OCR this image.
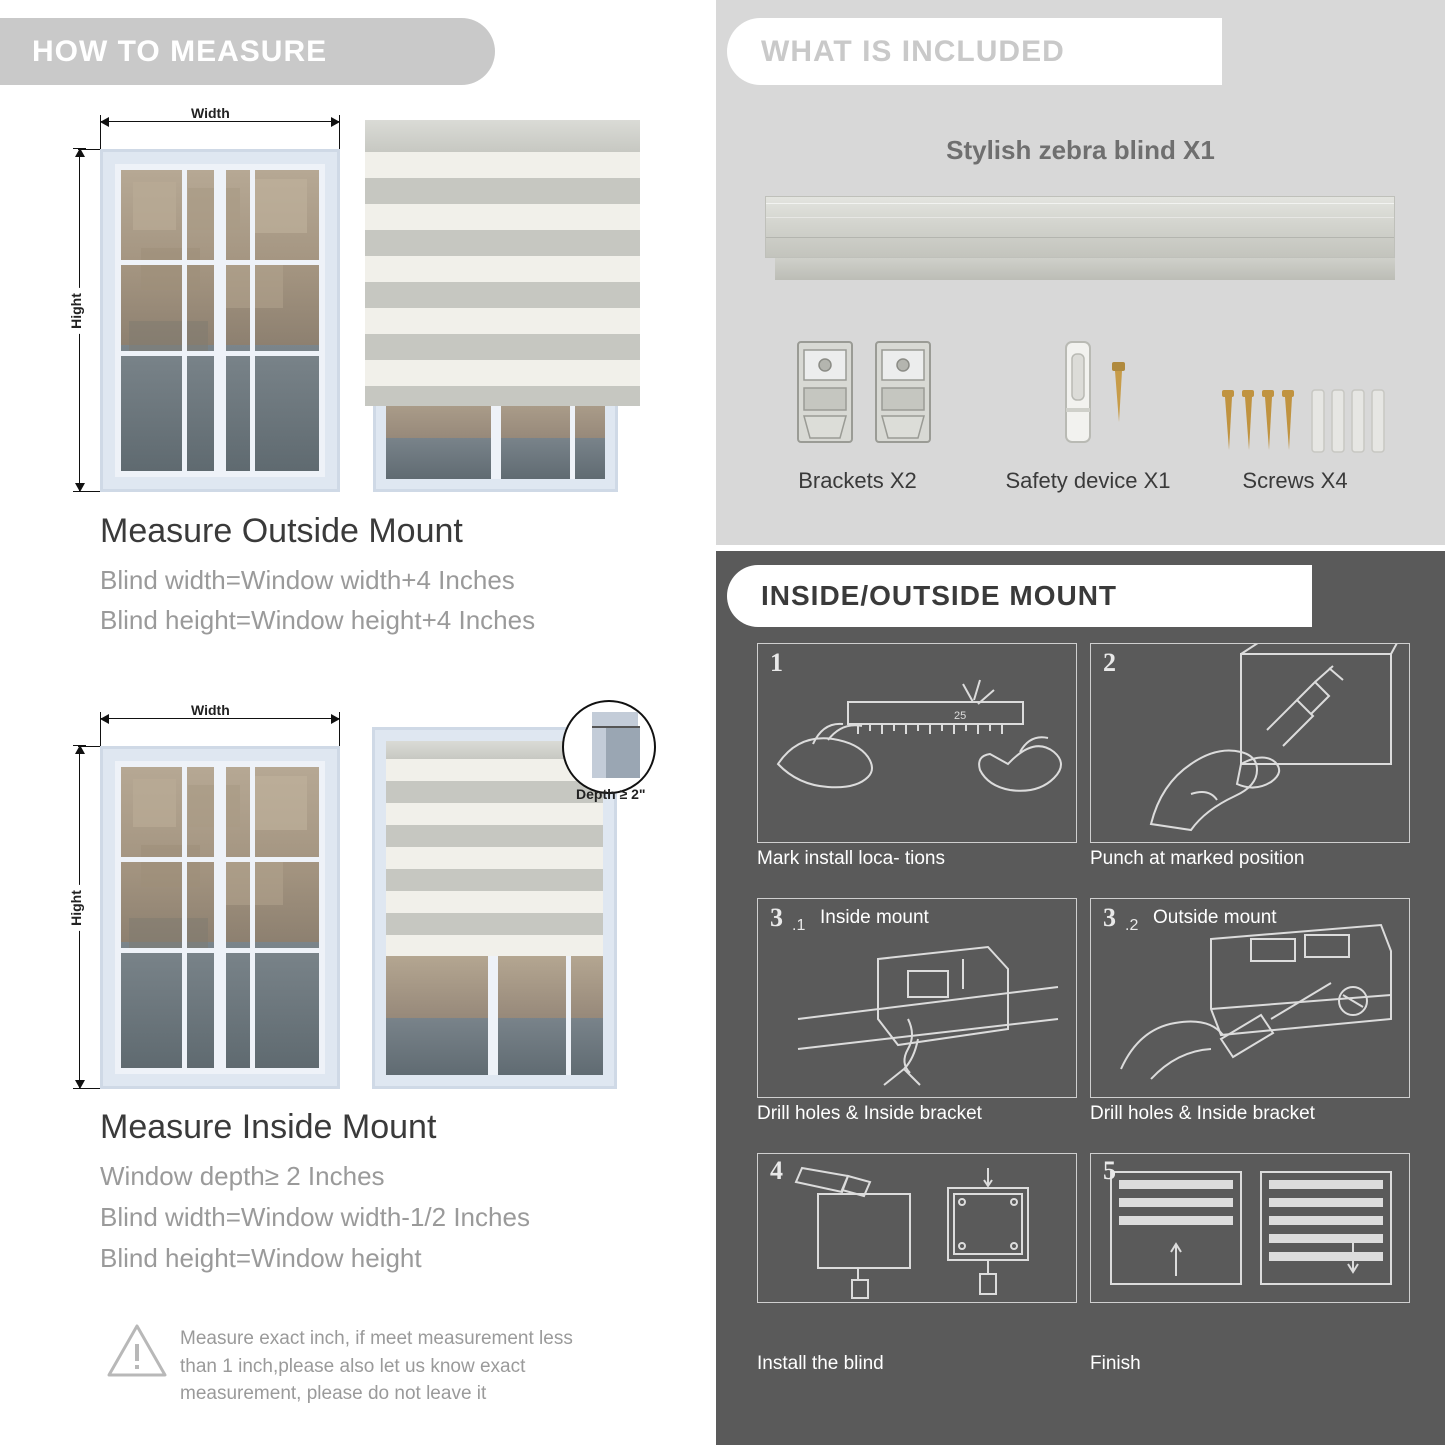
HOW TO MEASURE
Width
Hight
Measure Outside Mount
Blind width=Window width+4 Inches
Blind height=Window height+4 Inches
Width
Hight
Depth ≥ 2"
Measure Inside Mount
Window depth≥ 2 Inches
Blind width=Window width-1/2 Inches
Blind height=Window height
Measure exact inch, if meet measurement less than 1 inch,please also let us know exact measurement, please do not leave it
WHAT IS INCLUDED
Stylish zebra blind X1
Brackets X2	Safety device X1	Screws X4
INSIDE/OUTSIDE MOUNT
25
1
Mark install loca- tions
2
Punch at marked position
3 .1 Inside mount
Drill holes & Inside bracket
3 .2 Outside mount
Drill holes & Inside bracket
4
Install the blind
5
Finish
